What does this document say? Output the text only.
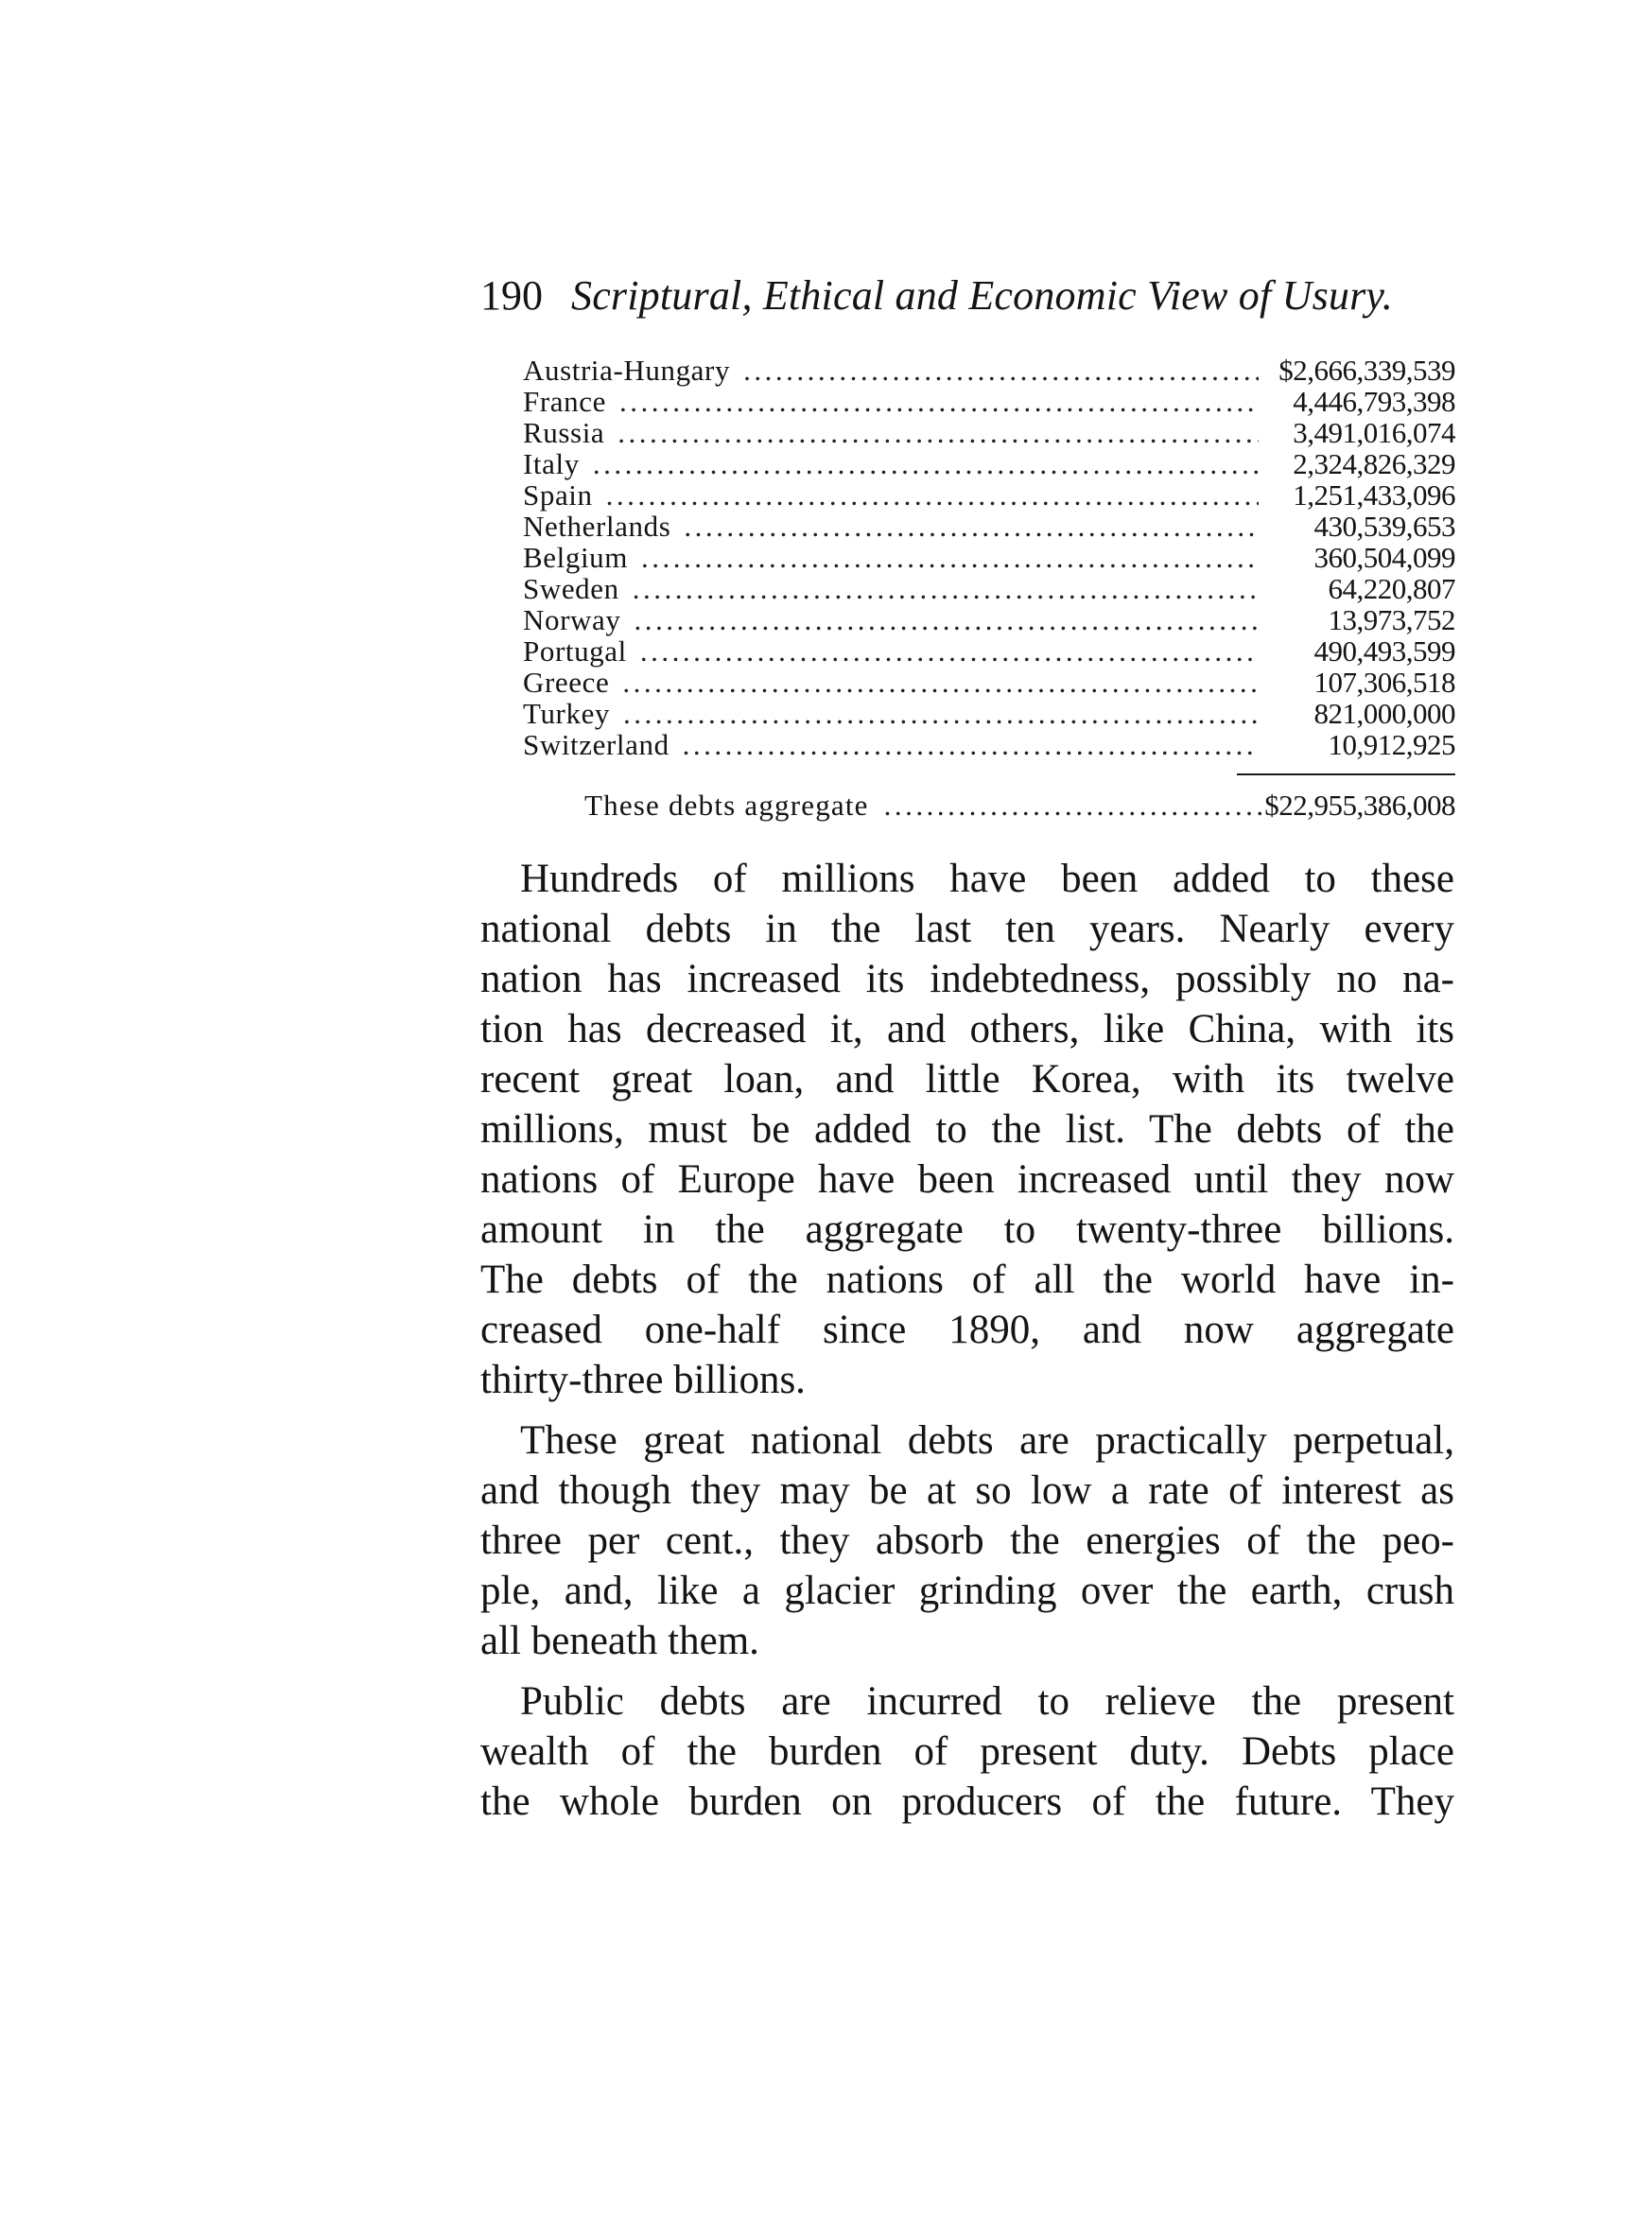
190 Scriptural, Ethical and Economic View of Usury.
Austria-Hungary .....	$2,666,339,539
France .....	4,446,793,398
Russia .....	3,491,016,074
Italy .....	2,324,826,329
Spain .....	1,251,433,096
Netherlands .....	430,539,653
Belgium .....	360,504,099
Sweden .....	64,220,807
Norway .....	13,973,752
Portugal .....	490,493,599
Greece .....	107,306,518
Turkey .....	821,000,000
Switzerland .....	10,912,925
These debts aggregate .....	$22,955,386,008
Hundreds of millions have been added to these
national debts in the last ten years. Nearly every
nation has increased its indebtedness, possibly no na-
tion has decreased it, and others, like China, with its
recent great loan, and little Korea, with its twelve
millions, must be added to the list. The debts of the
nations of Europe have been increased until they now
amount in the aggregate to twenty-three billions.
The debts of the nations of all the world have in-
creased one-half since 1890, and now aggregate
thirty-three billions.
These great national debts are practically perpetual,
and though they may be at so low a rate of interest as
three per cent., they absorb the energies of the peo-
ple, and, like a glacier grinding over the earth, crush
all beneath them.
Public debts are incurred to relieve the present
wealth of the burden of present duty. Debts place
the whole burden on producers of the future. They
